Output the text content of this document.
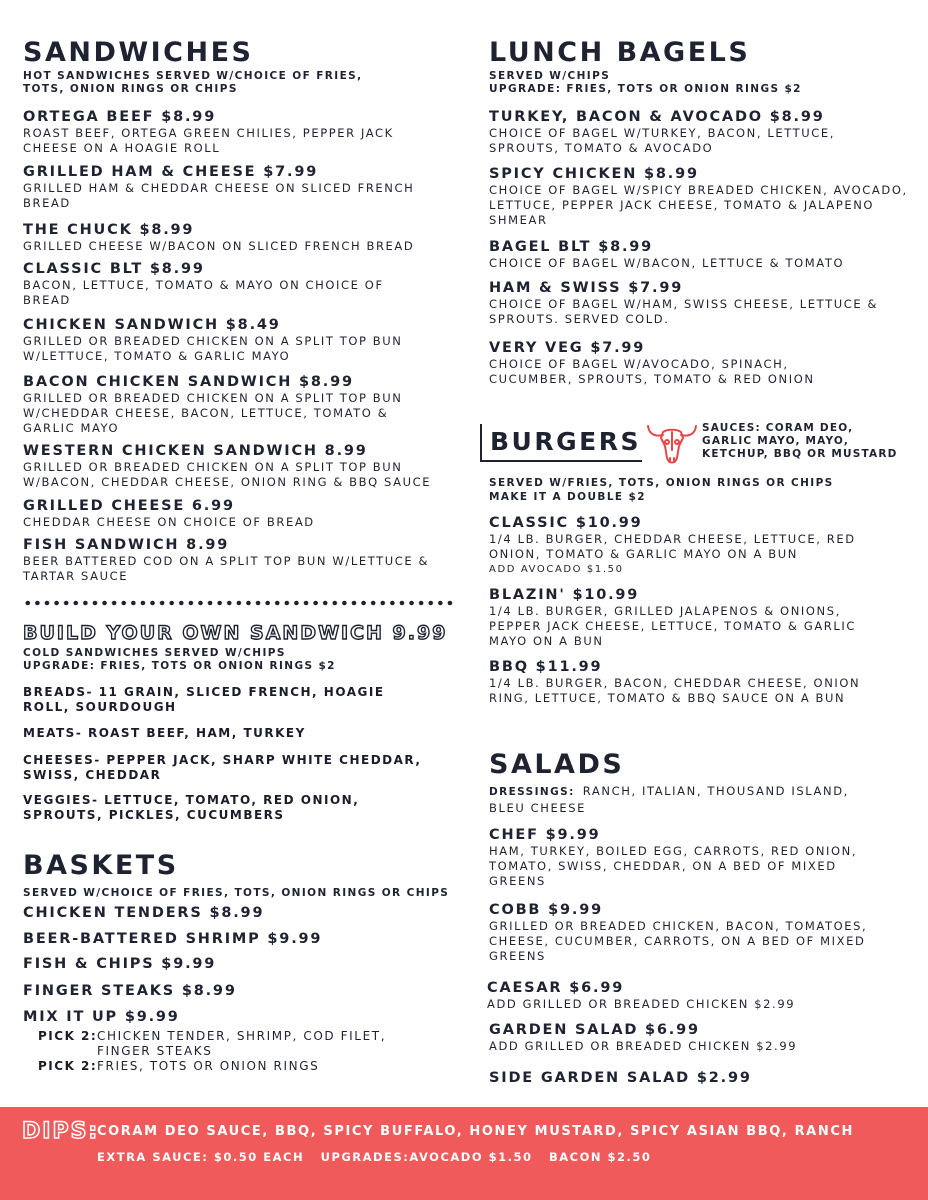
SANDWICHES
HOT SANDWICHES SERVED W/CHOICE OF FRIES, TOTS, ONION RINGS OR CHIPS
ORTEGA BEEF $8.99
ROAST BEEF, ORTEGA GREEN CHILIES, PEPPER JACK CHEESE ON A HOAGIE ROLL
GRILLED HAM & CHEESE $7.99
GRILLED HAM & CHEDDAR CHEESE ON SLICED FRENCH BREAD
THE CHUCK $8.99
GRILLED CHEESE W/BACON ON SLICED FRENCH BREAD
CLASSIC BLT $8.99
BACON, LETTUCE, TOMATO & MAYO ON CHOICE OF BREAD
CHICKEN SANDWICH $8.49
GRILLED OR BREADED CHICKEN ON A SPLIT TOP BUN W/LETTUCE, TOMATO & GARLIC MAYO
BACON CHICKEN SANDWICH $8.99
GRILLED OR BREADED CHICKEN ON A SPLIT TOP BUN W/CHEDDAR CHEESE, BACON, LETTUCE, TOMATO & GARLIC MAYO
WESTERN CHICKEN SANDWICH 8.99
GRILLED OR BREADED CHICKEN ON A SPLIT TOP BUN W/BACON, CHEDDAR CHEESE, ONION RING & BBQ SAUCE
GRILLED CHEESE 6.99
CHEDDAR CHEESE ON CHOICE OF BREAD
FISH SANDWICH 8.99
BEER BATTERED COD ON A SPLIT TOP BUN W/LETTUCE & TARTAR SAUCE
BUILD YOUR OWN SANDWICH 9.99
COLD SANDWICHES SERVED W/CHIPS
UPGRADE: FRIES, TOTS OR ONION RINGS $2
BREADS- 11 GRAIN, SLICED FRENCH, HOAGIE ROLL, SOURDOUGH
MEATS- ROAST BEEF, HAM, TURKEY
CHEESES- PEPPER JACK, SHARP WHITE CHEDDAR, SWISS, CHEDDAR
VEGGIES- LETTUCE, TOMATO, RED ONION, SPROUTS, PICKLES, CUCUMBERS
BASKETS
SERVED W/CHOICE OF FRIES, TOTS, ONION RINGS OR CHIPS
CHICKEN TENDERS $8.99
BEER-BATTERED SHRIMP $9.99
FISH & CHIPS $9.99
FINGER STEAKS $8.99
MIX IT UP $9.99
PICK 2: CHICKEN TENDER, SHRIMP, COD FILET, FINGER STEAKS
PICK 2: FRIES, TOTS OR ONION RINGS
LUNCH BAGELS
SERVED W/CHIPS
UPGRADE: FRIES, TOTS OR ONION RINGS $2
TURKEY, BACON & AVOCADO $8.99
CHOICE OF BAGEL W/TURKEY, BACON, LETTUCE, SPROUTS, TOMATO & AVOCADO
SPICY CHICKEN $8.99
CHOICE OF BAGEL W/SPICY BREADED CHICKEN, AVOCADO, LETTUCE, PEPPER JACK CHEESE, TOMATO & JALAPENO SHMEAR
BAGEL BLT $8.99
CHOICE OF BAGEL W/BACON, LETTUCE & TOMATO
HAM & SWISS $7.99
CHOICE OF BAGEL W/HAM, SWISS CHEESE, LETTUCE & SPROUTS. SERVED COLD.
VERY VEG $7.99
CHOICE OF BAGEL W/AVOCADO, SPINACH, CUCUMBER, SPROUTS, TOMATO & RED ONION
BURGERS	SAUCES: CORAM DEO, GARLIC MAYO, MAYO, KETCHUP, BBQ OR MUSTARD
SERVED W/FRIES, TOTS, ONION RINGS OR CHIPS
MAKE IT A DOUBLE $2
CLASSIC $10.99
1/4 LB. BURGER, CHEDDAR CHEESE, LETTUCE, RED ONION, TOMATO & GARLIC MAYO ON A BUN
ADD AVOCADO $1.50
BLAZIN' $10.99
1/4 LB. BURGER, GRILLED JALAPENOS & ONIONS, PEPPER JACK CHEESE, LETTUCE, TOMATO & GARLIC MAYO ON A BUN
BBQ $11.99
1/4 LB. BURGER, BACON, CHEDDAR CHEESE, ONION RING, LETTUCE, TOMATO & BBQ SAUCE ON A BUN
SALADS
DRESSINGS: RANCH, ITALIAN, THOUSAND ISLAND, BLEU CHEESE
CHEF $9.99
HAM, TURKEY, BOILED EGG, CARROTS, RED ONION, TOMATO, SWISS, CHEDDAR, ON A BED OF MIXED GREENS
COBB $9.99
GRILLED OR BREADED CHICKEN, BACON, TOMATOES, CHEESE, CUCUMBER, CARROTS, ON A BED OF MIXED GREENS
CAESAR $6.99
ADD GRILLED OR BREADED CHICKEN $2.99
GARDEN SALAD $6.99
ADD GRILLED OR BREADED CHICKEN $2.99
SIDE GARDEN SALAD $2.99
DIPS:
CORAM DEO SAUCE, BBQ, SPICY BUFFALO, HONEY MUSTARD, SPICY ASIAN BBQ, RANCH
EXTRA SAUCE: $0.50 EACH   UPGRADES:AVOCADO $1.50   BACON $2.50
